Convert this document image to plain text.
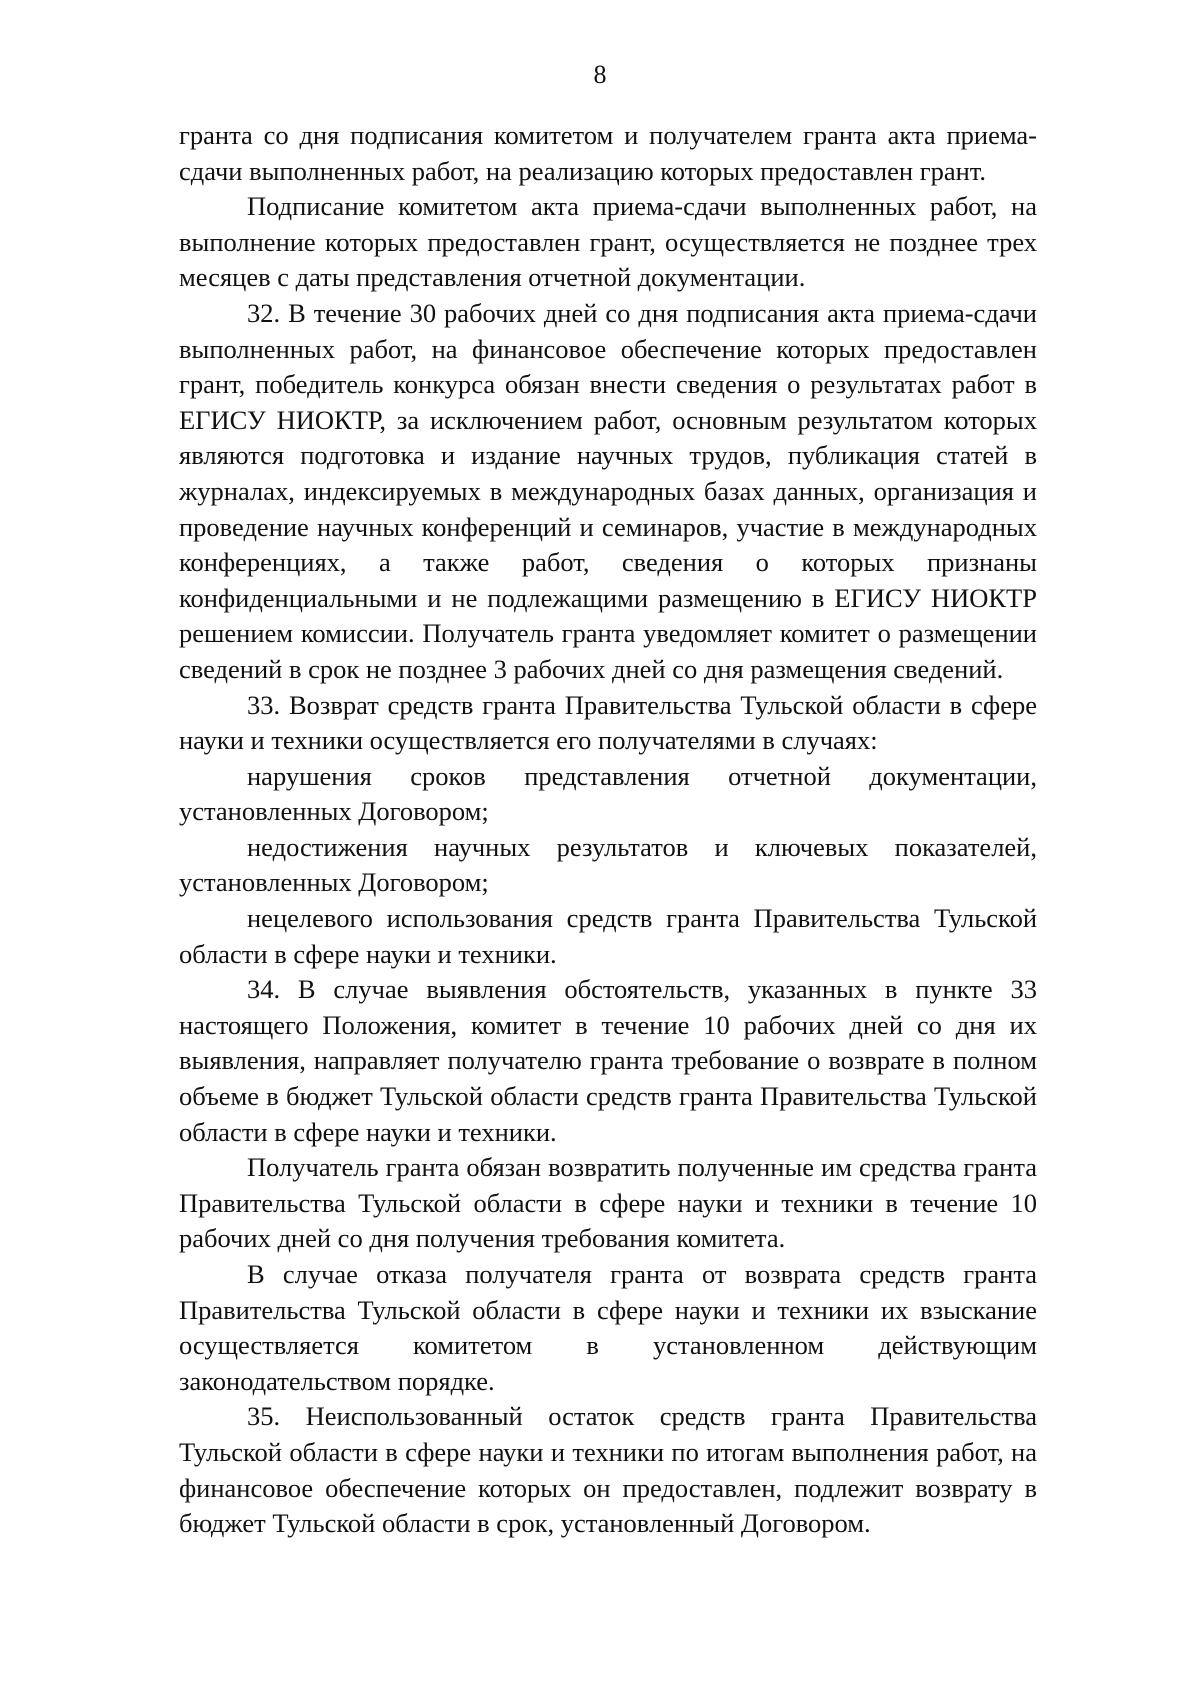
8

гранта со дня подписания комитетом и получателем гранта акта приема-сдачи выполненных работ, на реализацию которых предоставлен грант.

Подписание комитетом акта приема-сдачи выполненных работ, на выполнение которых предоставлен грант, осуществляется не позднее трех месяцев с даты представления отчетной документации.

32. В течение 30 рабочих дней со дня подписания акта приема-сдачи выполненных работ, на финансовое обеспечение которых предоставлен грант, победитель конкурса обязан внести сведения о результатах работ в ЕГИСУ НИОКТР, за исключением работ, основным результатом которых являются подготовка и издание научных трудов, публикация статей в журналах, индексируемых в международных базах данных, организация и проведение научных конференций и семинаров, участие в международных конференциях, а также работ, сведения о которых признаны конфиденциальными и не подлежащими размещению в ЕГИСУ НИОКТР решением комиссии. Получатель гранта уведомляет комитет о размещении сведений в срок не позднее 3 рабочих дней со дня размещения сведений.

33. Возврат средств гранта Правительства Тульской области в сфере науки и техники осуществляется его получателями в случаях:

нарушения сроков представления отчетной документации, установленных Договором;

недостижения научных результатов и ключевых показателей, установленных Договором;

нецелевого использования средств гранта Правительства Тульской области в сфере науки и техники.

34. В случае выявления обстоятельств, указанных в пункте 33 настоящего Положения, комитет в течение 10 рабочих дней со дня их выявления, направляет получателю гранта требование о возврате в полном объеме в бюджет Тульской области средств гранта Правительства Тульской области в сфере науки и техники.

Получатель гранта обязан возвратить полученные им средства гранта Правительства Тульской области в сфере науки и техники в течение 10 рабочих дней со дня получения требования комитета.

В случае отказа получателя гранта от возврата средств гранта Правительства Тульской области в сфере науки и техники их взыскание осуществляется комитетом в установленном действующим законодательством порядке.

35. Неиспользованный остаток средств гранта Правительства Тульской области в сфере науки и техники по итогам выполнения работ, на финансовое обеспечение которых он предоставлен, подлежит возврату в бюджет Тульской области в срок, установленный Договором.
